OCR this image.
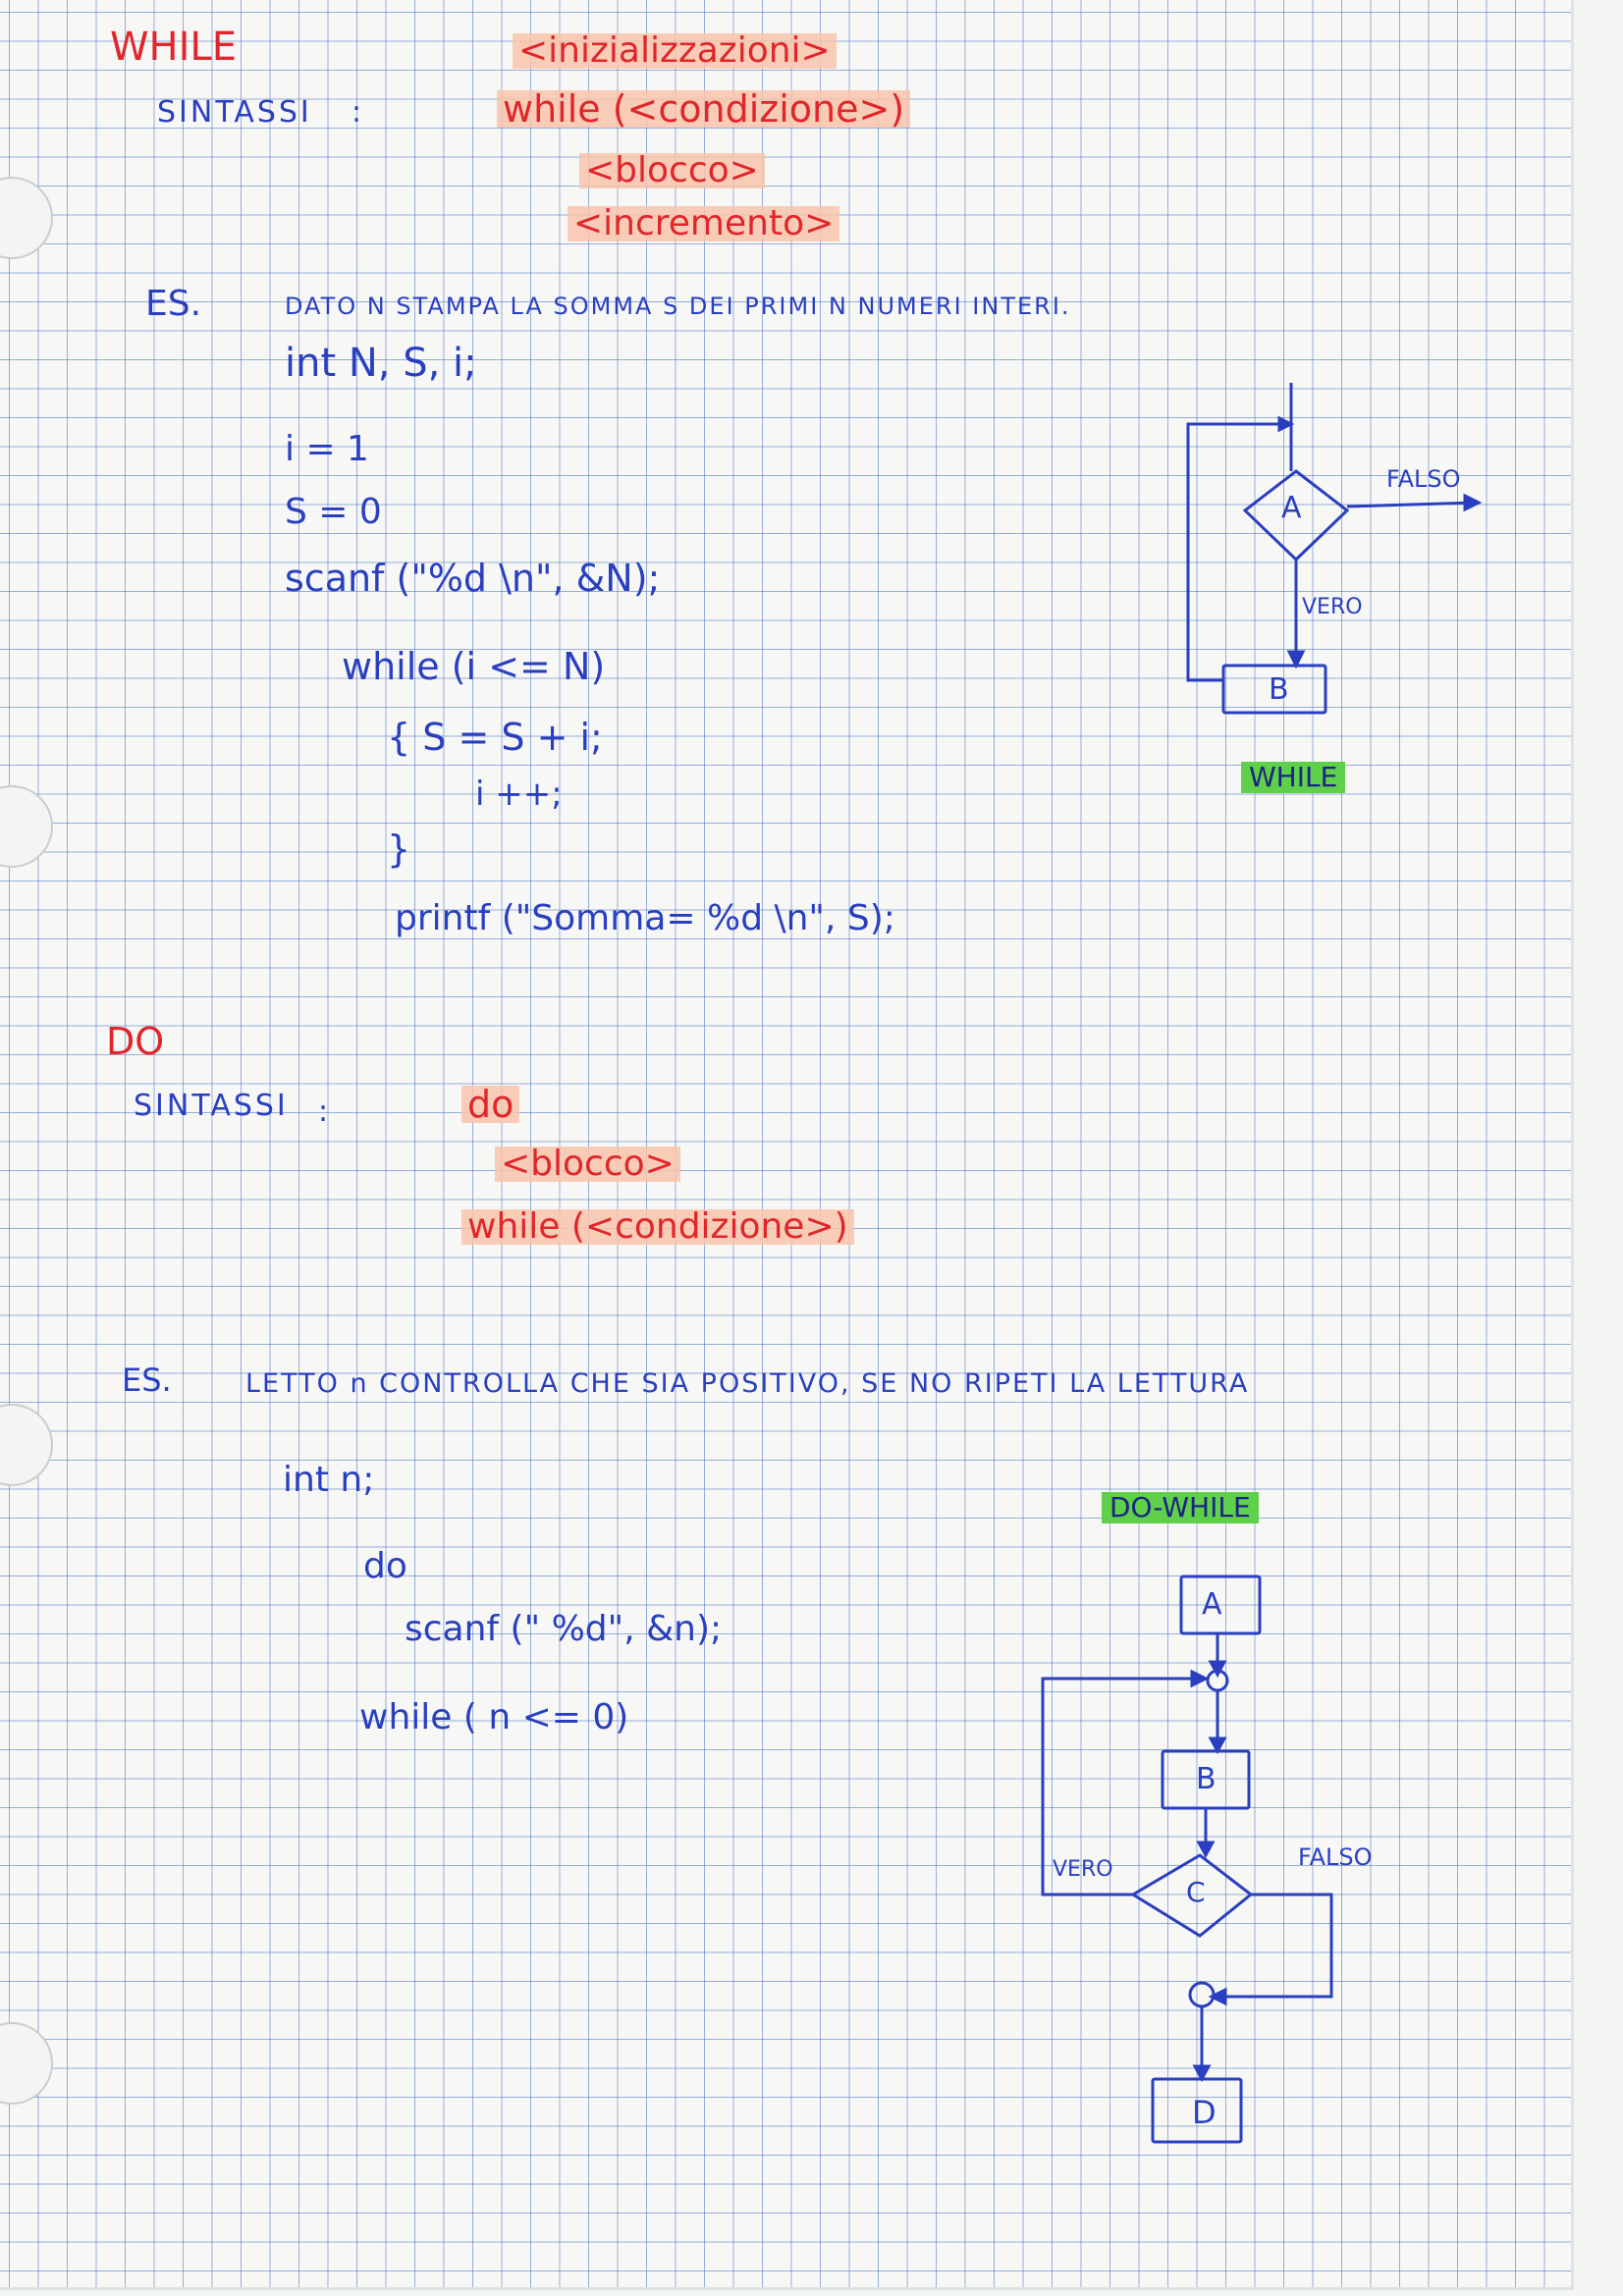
WHILE
SINTASSI :
<inizializzazioni>
while (<condizione>)
<blocco>
<incremento>
ES.	DATO N STAMPA LA SOMMA S DEI PRIMI N NUMERI INTERI.
int N, S, i;
i = 1
S = 0
scanf ("%d \n", &N);
while (i <= N)
{ S = S + i;
i ++;
}
printf ("Somma= %d \n", S);
A
B
FALSO
VERO
WHILE
DO
SINTASSI :	do
<blocco>
while (<condizione>)
ES.	LETTO n CONTROLLA CHE SIA POSITIVO, SE NO RIPETI LA LETTURA
int n;
do
scanf (" %d", &n);
while ( n <= 0)
DO-WHILE
A
B
C
D
VERO	FALSO
